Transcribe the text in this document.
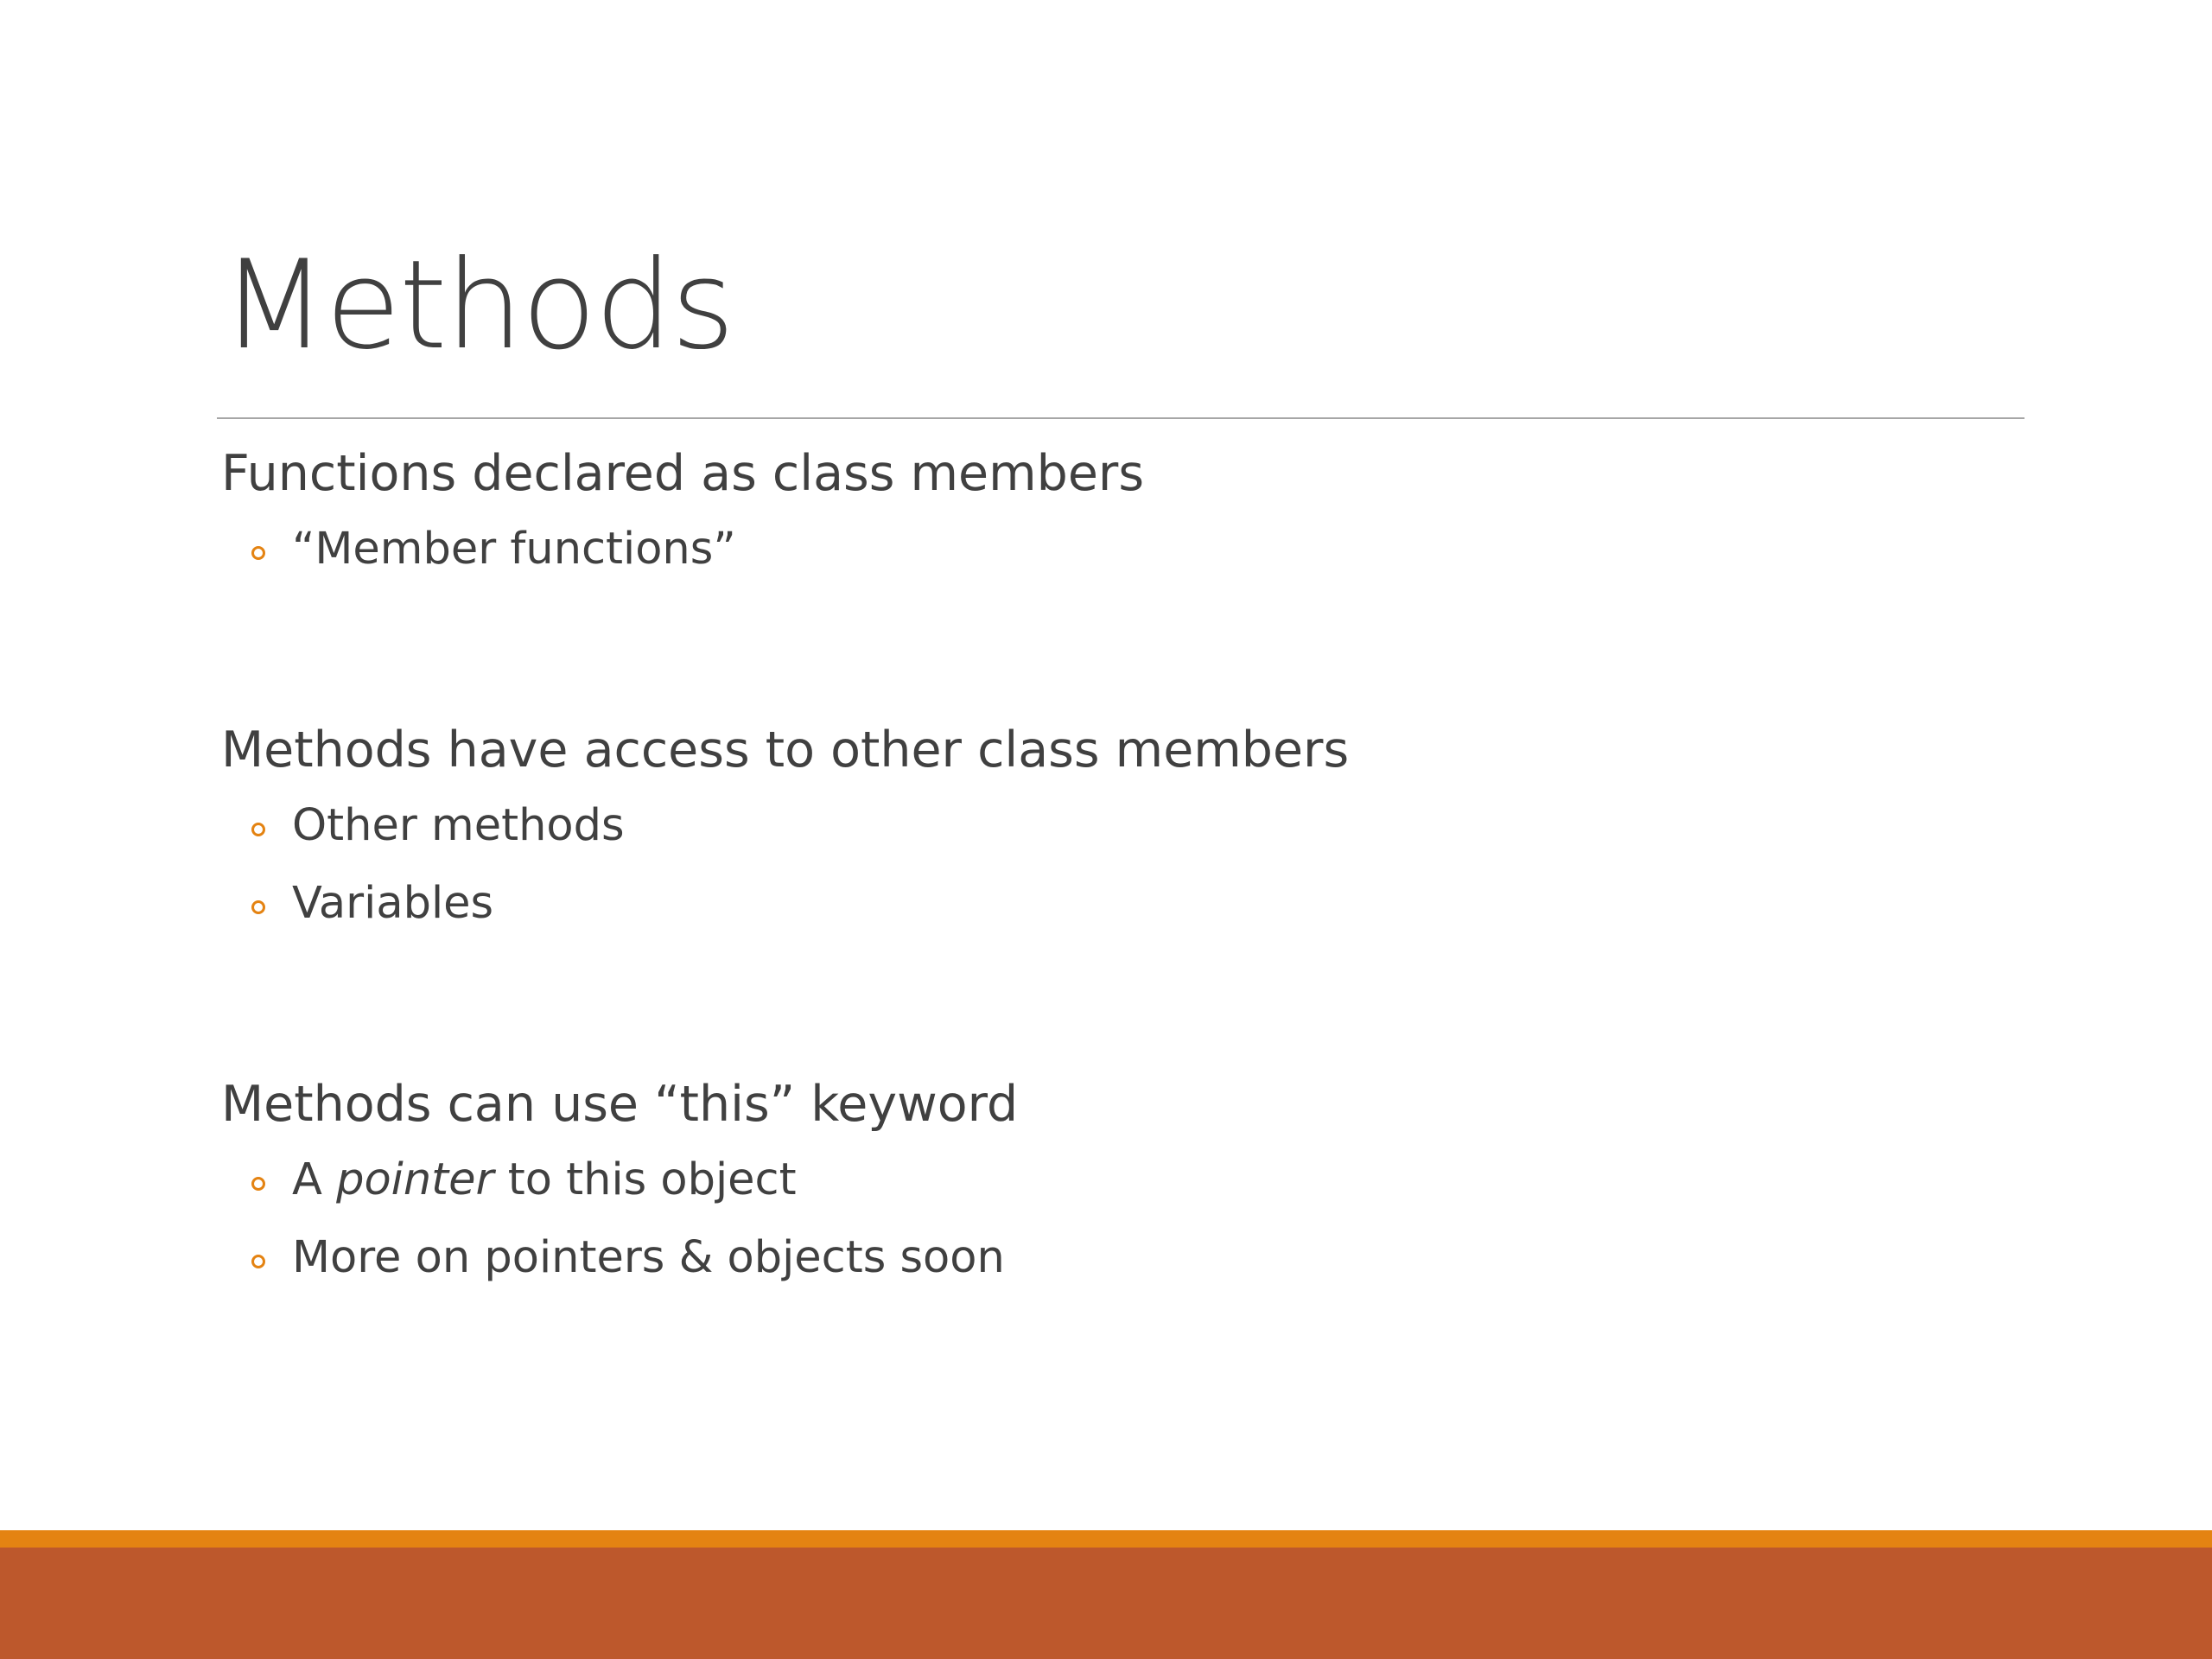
Methods
Functions declared as class members
“Member functions”
Methods have access to other class members
Other methods
Variables
Methods can use “this” keyword
A pointer to this object
More on pointers & objects soon
